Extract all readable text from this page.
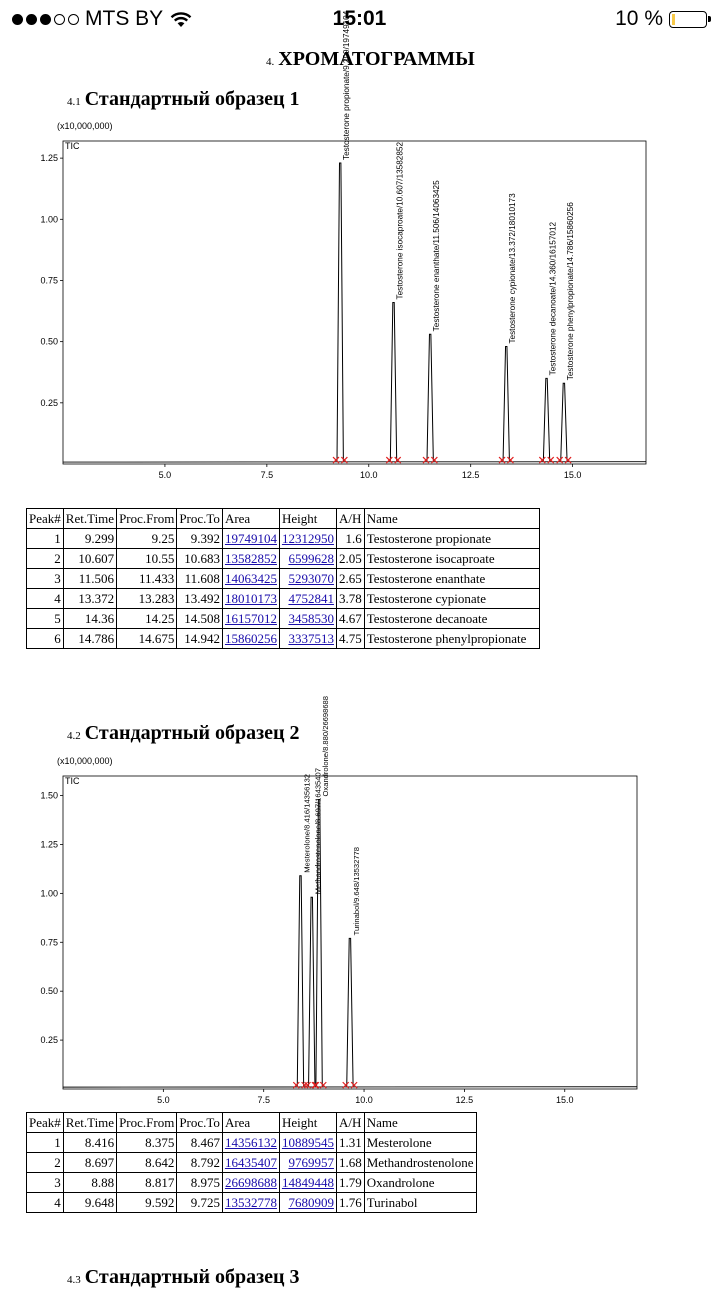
MTS BY	15:01	10 %
4. ХРОМАТОГРАММЫ
4.1 Стандартный образец 1
(x10,000,000)
TIC
0.25
0.50
0.75
1.00
1.25
5.0	7.5	10.0	12.5	15.0
Testosterone propionate/9.299/19749104
Testosterone isocaproate/10.607/13582852	Testosterone enanthate/11.506/14063425	Testosterone cypionate/13.372/18010173	Testosterone decanoate/14.360/16157012 Testosterone phenylpropionate/14.786/15860256
Peak#	Ret.Time	Proc.From	Proc.To	Area	Height	A/H	Name
1	9.299	9.25	9.392	19749104	12312950	1.6	Testosterone propionate
2	10.607	10.55	10.683	13582852	6599628	2.05	Testosterone isocaproate
3	11.506	11.433	11.608	14063425	5293070	2.65	Testosterone enanthate
4	13.372	13.283	13.492	18010173	4752841	3.78	Testosterone cypionate
5	14.36	14.25	14.508	16157012	3458530	4.67	Testosterone decanoate
6	14.786	14.675	14.942	15860256	3337513	4.75	Testosterone phenylpropionate
4.2 Стандартный образец 2
(x10,000,000)
TIC
0.25
0.50
0.75
1.00
1.25
1.50
5.0	7.5	10.0	12.5	15.0
Mesterolone/8.416/14356132 Methandrostenolone/8.697/16435407
Oxandrolone/8.880/26698688
Turinabol/9.648/13532778
Peak#	Ret.Time	Proc.From	Proc.To	Area	Height	A/H	Name
1	8.416	8.375	8.467	14356132	10889545	1.31	Mesterolone
2	8.697	8.642	8.792	16435407	9769957	1.68	Methandrostenolone
3	8.88	8.817	8.975	26698688	14849448	1.79	Oxandrolone
4	9.648	9.592	9.725	13532778	7680909	1.76	Turinabol
4.3 Стандартный образец 3
